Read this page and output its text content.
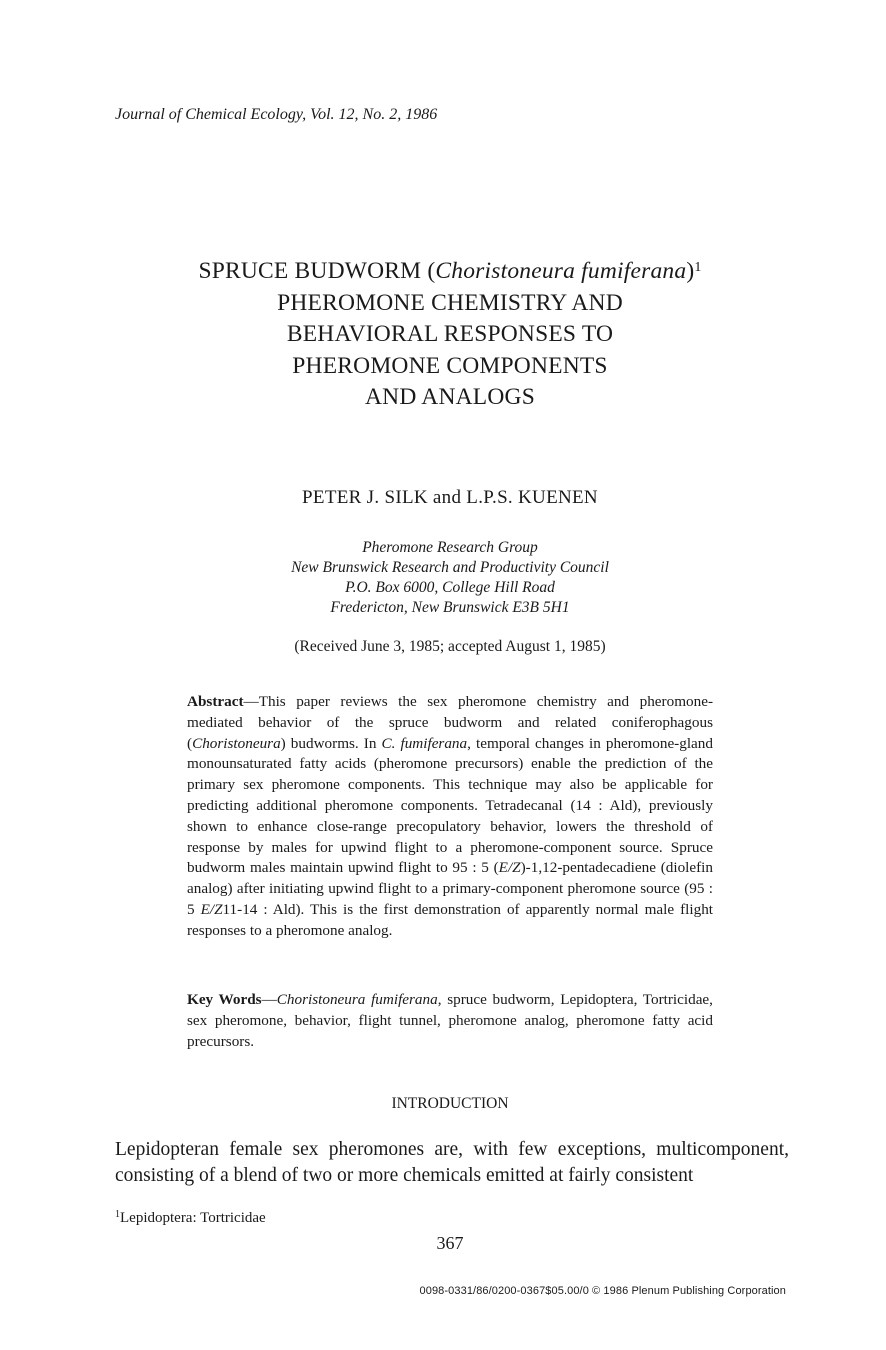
Journal of Chemical Ecology, Vol. 12, No. 2, 1986
SPRUCE BUDWORM (Choristoneura fumiferana)$^1$
PHEROMONE CHEMISTRY AND
BEHAVIORAL RESPONSES TO
PHEROMONE COMPONENTS
AND ANALOGS
PETER J. SILK and L.P.S. KUENEN
Pheromone Research Group
New Brunswick Research and Productivity Council
P.O. Box 6000, College Hill Road
Fredericton, New Brunswick E3B 5H1
(Received June 3, 1985; accepted August 1, 1985)
Abstract—This paper reviews the sex pheromone chemistry and pheromone-mediated behavior of the spruce budworm and related coniferophagous (Choristoneura) budworms. In C. fumiferana, temporal changes in pheromone-gland monounsaturated fatty acids (pheromone precursors) enable the prediction of the primary sex pheromone components. This technique may also be applicable for predicting additional pheromone components. Tetradecanal (14 : Ald), previously shown to enhance close-range precopulatory behavior, lowers the threshold of response by males for upwind flight to a pheromone-component source. Spruce budworm males maintain upwind flight to 95 : 5 (E/Z)-1,12-pentadecadiene (diolefin analog) after initiating upwind flight to a primary-component pheromone source (95 : 5 E/Z11-14 : Ald). This is the first demonstration of apparently normal male flight responses to a pheromone analog.
Key Words—Choristoneura fumiferana, spruce budworm, Lepidoptera, Tortricidae, sex pheromone, behavior, flight tunnel, pheromone analog, pheromone fatty acid precursors.
INTRODUCTION
Lepidopteran female sex pheromones are, with few exceptions, multicomponent, consisting of a blend of two or more chemicals emitted at fairly consistent
$^1$Lepidoptera: Tortricidae
367
0098-0331/86/0200-0367$05.00/0 © 1986 Plenum Publishing Corporation
